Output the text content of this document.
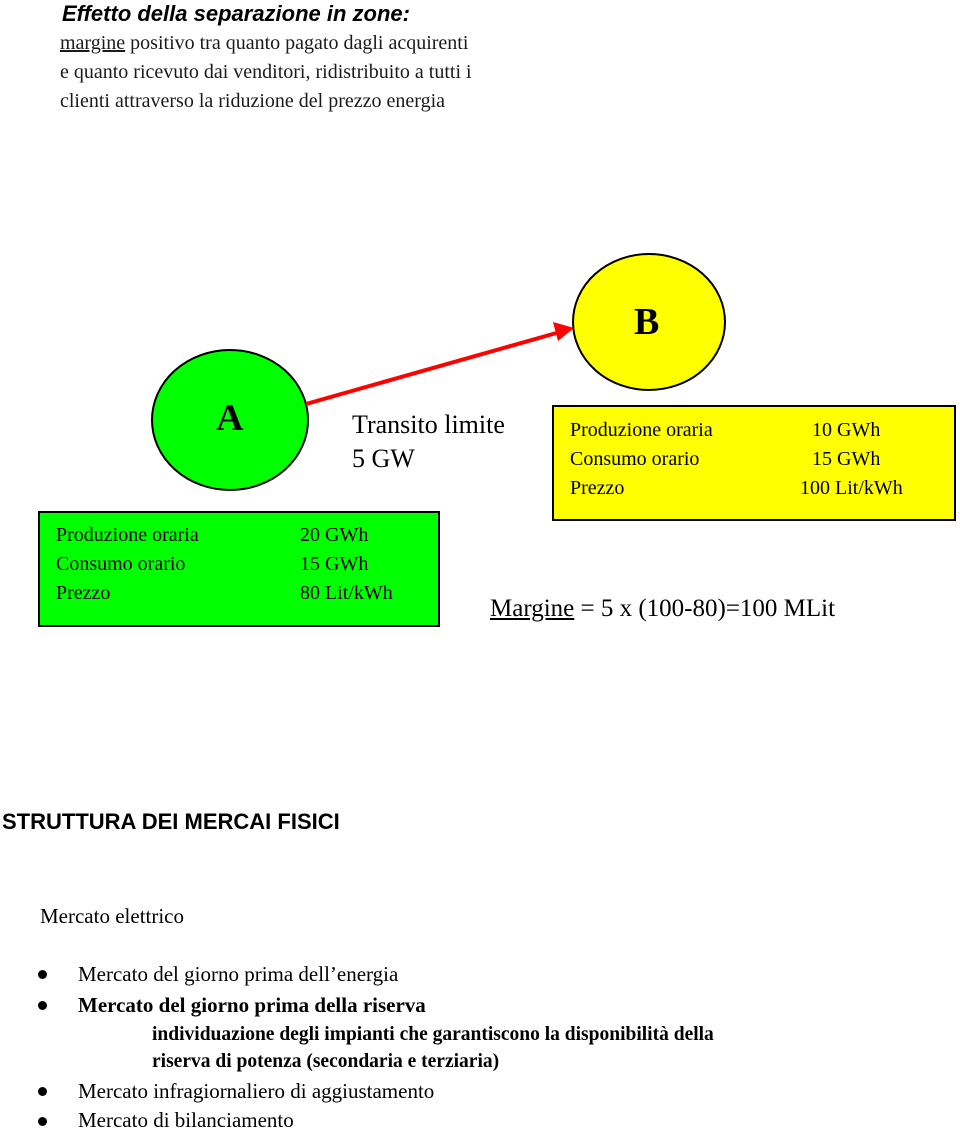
Effetto della separazione in zone:
margine positivo tra quanto pagato dagli acquirenti
e quanto ricevuto dai venditori, ridistribuito a tutti i
clienti attraverso la riduzione del prezzo energia
A
B
Transito limite
5 GW
Produzione oraria	20 GWh
Consumo orario	15 GWh
Prezzo	80 Lit/kWh
Produzione oraria	10 GWh
Consumo orario	15 GWh
Prezzo	100 Lit/kWh
Margine = 5 x (100-80)=100 MLit
STRUTTURA DEI MERCAI FISICI
Mercato elettrico
Mercato del giorno prima dell’energia
Mercato del giorno prima della riserva
individuazione degli impianti che garantiscono la disponibilità della
riserva di potenza (secondaria e terziaria)
Mercato infragiornaliero di aggiustamento
Mercato di bilanciamento
